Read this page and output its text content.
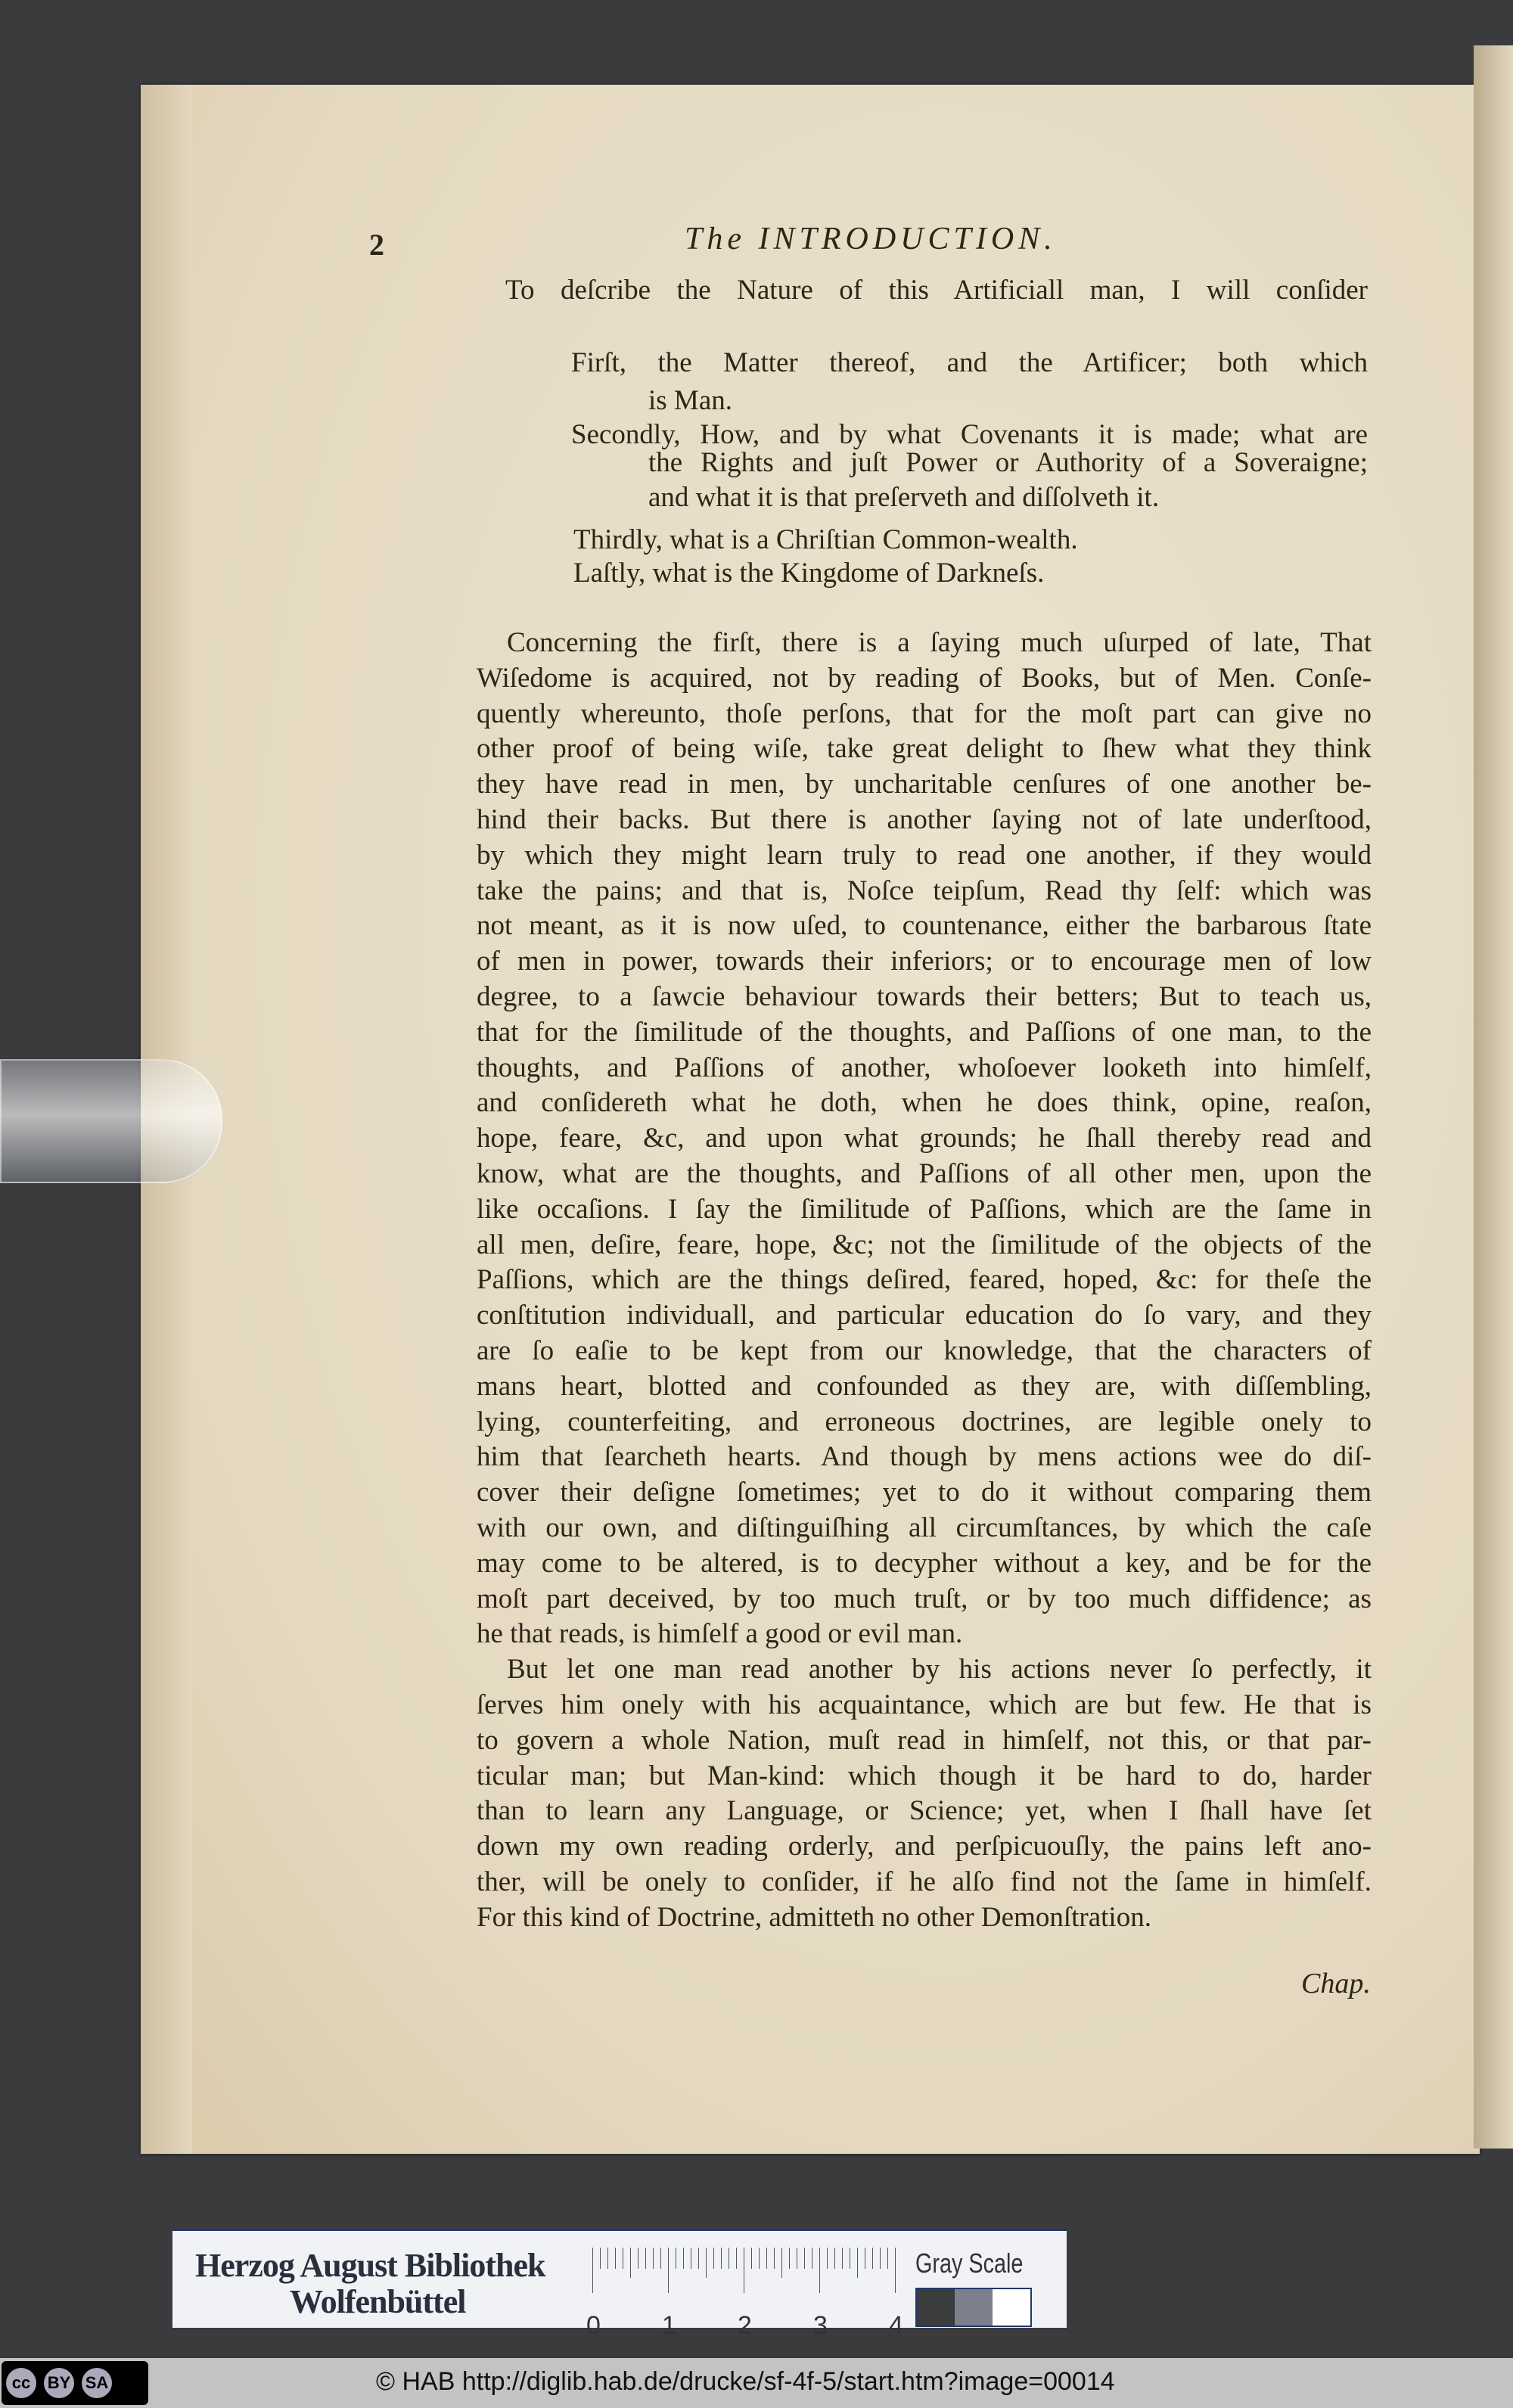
2	The INTRODUCTION.
To deſcribe the Nature of this Artificiall man, I will conſider
Firſt, the Matter thereof, and the Artificer; both which
is Man.
Secondly, How, and by what Covenants it is made; what are
the Rights and juſt Power or Authority of a Soveraigne;
and what it is that preſerveth and diſſolveth it.
Thirdly, what is a Chriſtian Common-wealth.
Laſtly, what is the Kingdome of Darkneſs.
Concerning the firſt, there is a ſaying much uſurped of late, That
Wiſedome is acquired, not by reading of Books, but of Men. Conſe-
quently whereunto, thoſe perſons, that for the moſt part can give no
other proof of being wiſe, take great delight to ſhew what they think
they have read in men, by uncharitable cenſures of one another be-
hind their backs. But there is another ſaying not of late underſtood,
by which they might learn truly to read one another, if they would
take the pains; and that is, Noſce teipſum, Read thy ſelf: which was
not meant, as it is now uſed, to countenance, either the barbarous ſtate
of men in power, towards their inferiors; or to encourage men of low
degree, to a ſawcie behaviour towards their betters; But to teach us,
that for the ſimilitude of the thoughts, and Paſſions of one man, to the
thoughts, and Paſſions of another, whoſoever looketh into himſelf,
and conſidereth what he doth, when he does think, opine, reaſon,
hope, feare, &c, and upon what grounds; he ſhall thereby read and
know, what are the thoughts, and Paſſions of all other men, upon the
like occaſions. I ſay the ſimilitude of Paſſions, which are the ſame in
all men, deſire, feare, hope, &c; not the ſimilitude of the objects of the
Paſſions, which are the things deſired, feared, hoped, &c: for theſe the
conſtitution individuall, and particular education do ſo vary, and they
are ſo eaſie to be kept from our knowledge, that the characters of
mans heart, blotted and confounded as they are, with diſſembling,
lying, counterfeiting, and erroneous doctrines, are legible onely to
him that ſearcheth hearts. And though by mens actions wee do diſ-
cover their deſigne ſometimes; yet to do it without comparing them
with our own, and diſtinguiſhing all circumſtances, by which the caſe
may come to be altered, is to decypher without a key, and be for the
moſt part deceived, by too much truſt, or by too much diffidence; as
he that reads, is himſelf a good or evil man.
But let one man read another by his actions never ſo perfectly, it
ſerves him onely with his acquaintance, which are but few. He that is
to govern a whole Nation, muſt read in himſelf, not this, or that par-
ticular man; but Man-kind: which though it be hard to do, harder
than to learn any Language, or Science; yet, when I ſhall have ſet
down my own reading orderly, and perſpicuouſly, the pains left ano-
ther, will be onely to conſider, if he alſo find not the ſame in himſelf.
For this kind of Doctrine, admitteth no other Demonſtration.
Chap.
Herzog August Bibliothek
Wolfenbüttel
0 1 2 3 4
Gray Scale
cc	BY SA	© HAB http://diglib.hab.de/drucke/sf-4f-5/start.htm?image=00014
